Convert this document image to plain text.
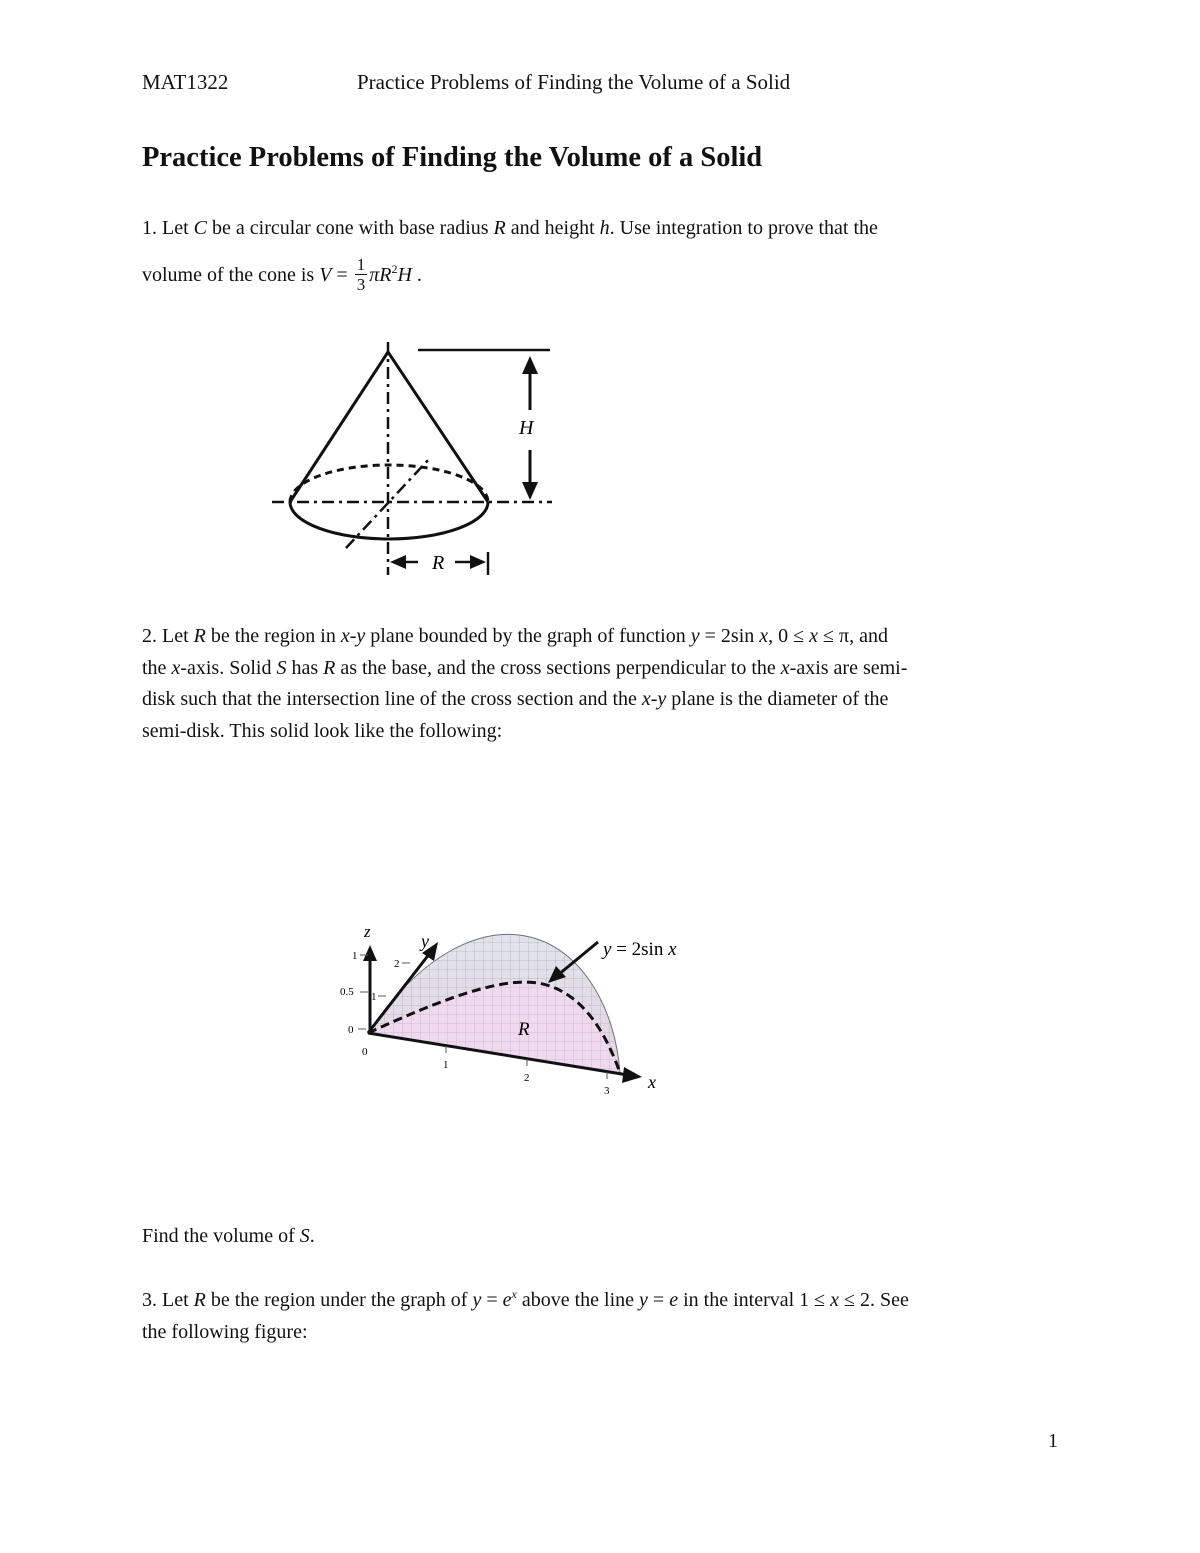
MAT1322	Practice Problems of Finding the Volume of a Solid
Practice Problems of Finding the Volume of a Solid
1. Let C be a circular cone with base radius R and height h. Use integration to prove that the
volume of the cone is $V = \frac{1}{3} \pi R^2H$ .
H
R
2. Let R be the region in x-y plane bounded by the graph of function y = 2sin x, 0 ≤ x ≤ π, and
the x-axis. Solid S has R as the base, and the cross sections perpendicular to the x-axis are semi-
disk such that the intersection line of the cross section and the x-y plane is the diameter of the
semi-disk. This solid look like the following:
z	y
x
R
y = 2sin x
1
0.5
0
2
1
0
1
2
3
Find the volume of S.
3. Let R be the region under the graph of $y = e^x$ above the line y = e in the interval 1 ≤ x ≤ 2. See
the following figure:
1
